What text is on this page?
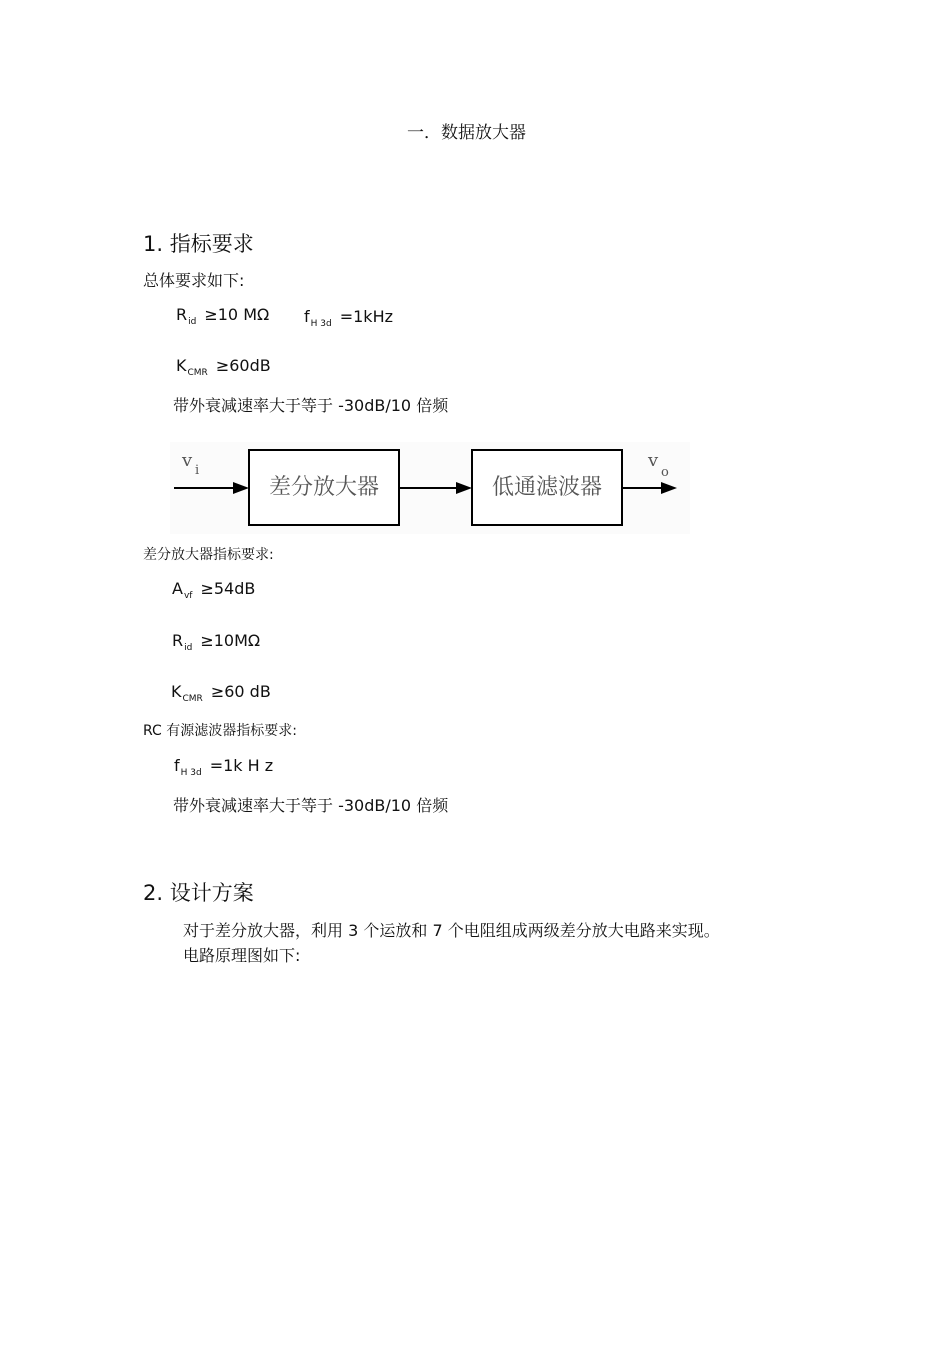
一．数据放大器
1. 指标要求
总体要求如下:
$R_{id} \ge 10$ MΩ $f_{H 3d} =1kHz$
$K_{CMR} \ge 60dB$
带外衰减速率大于等于 -30dB/10 倍频
v i
差分放大器	低通滤波器
v
o
差分放大器指标要求:
$A_{vf} \ge 54dB$
$R_{id} \ge 10M\Omega$
$K_{CMR} \ge 60$ dB
RC 有源滤波器指标要求:
$f_{H 3d} =1k$ H z
带外衰减速率大于等于 -30dB/10 倍频
2. 设计方案
对于差分放大器，利用 3 个运放和 7 个电阻组成两级差分放大电路来实现。
电路原理图如下:
